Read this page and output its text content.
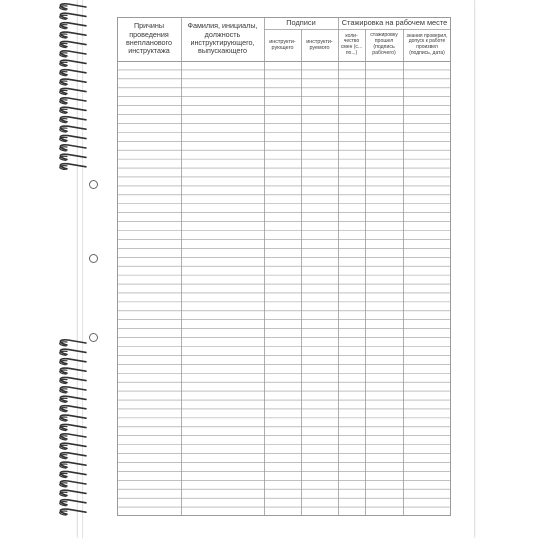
Причины проведения внепланового инструктажа
Фамилия, инициалы, должность инструктирующего, выпускающего
Подписи
инструкти- рующего
инструкти- руемого
Стажировка на рабочем месте
коли- чество смен (с... по...)
стажировку прошел (подпись рабочего)
знания проверил, допуск к работе произвел (подпись, дата)
